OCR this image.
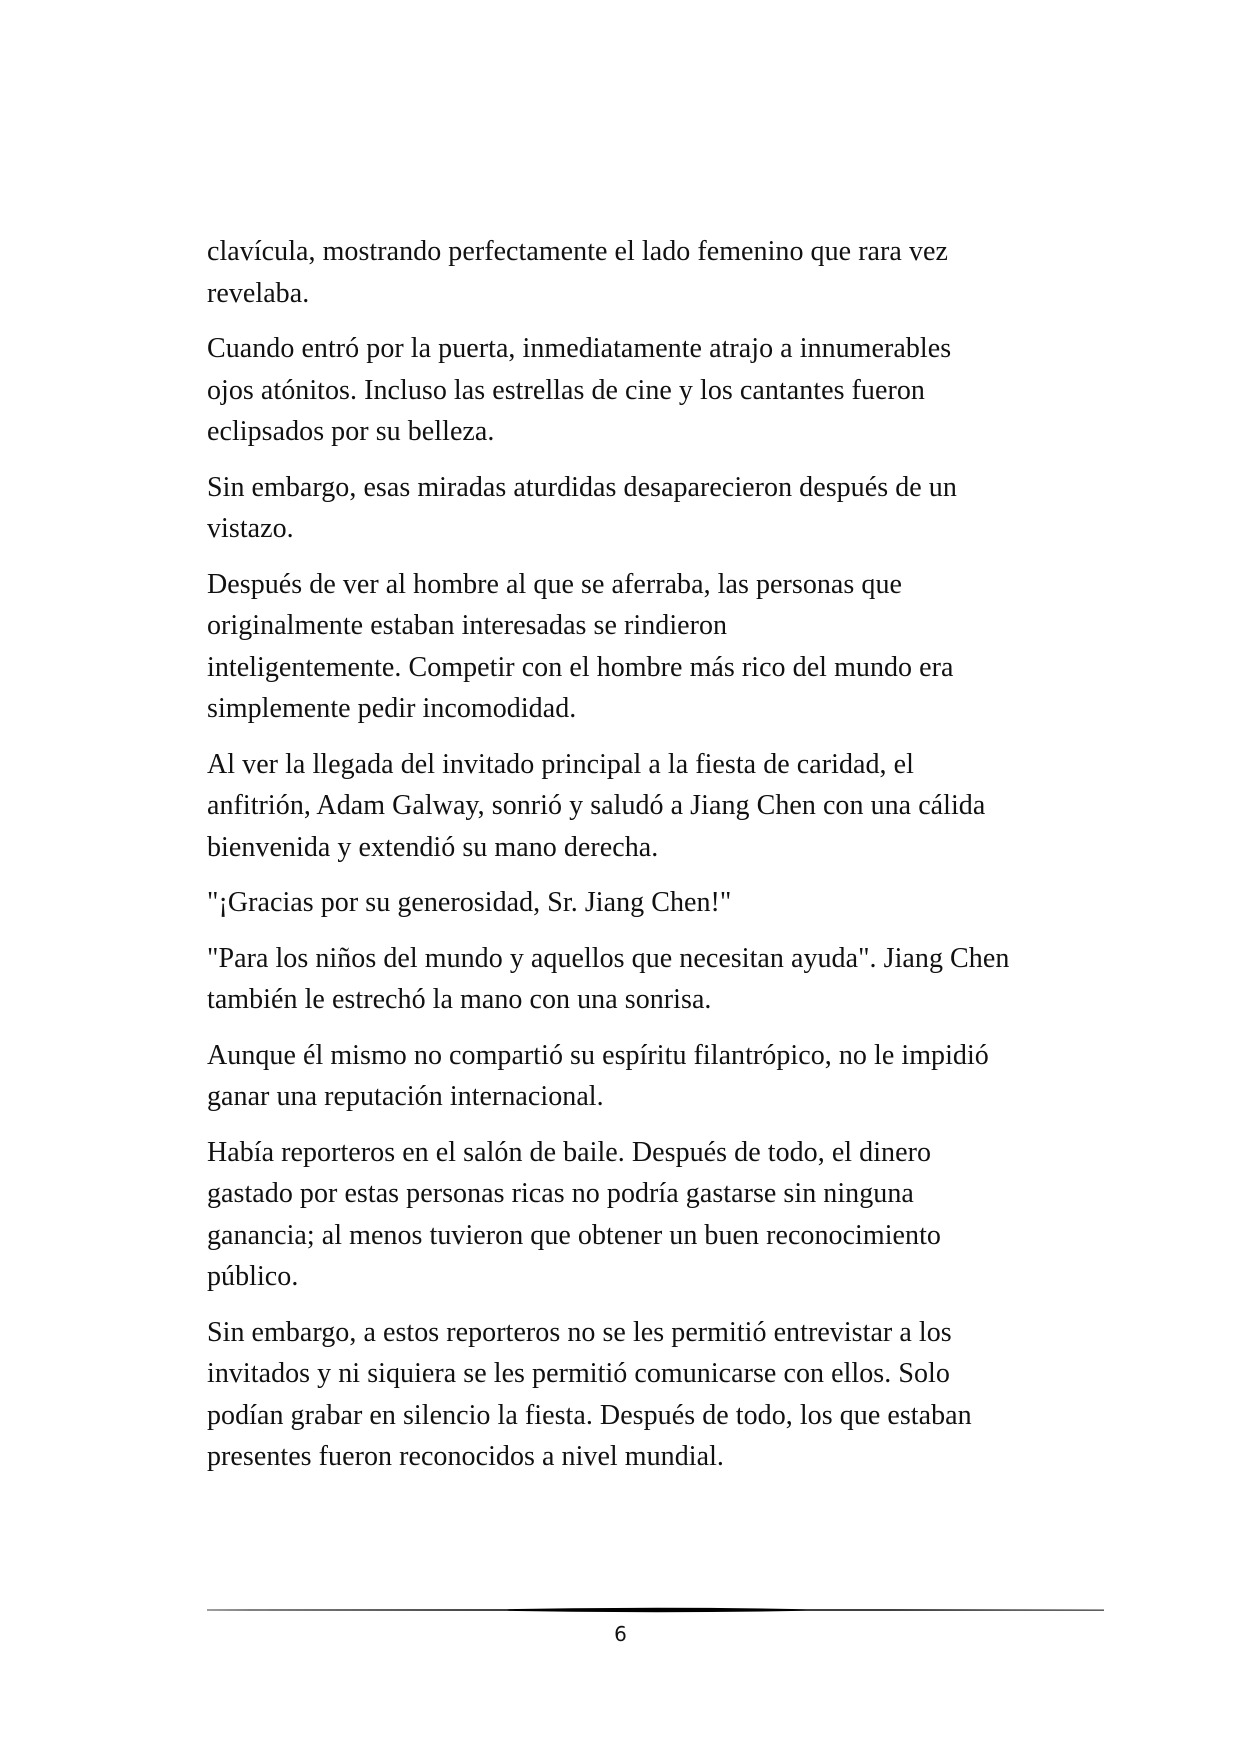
clavícula, mostrando perfectamente el lado femenino que rara vez
revelaba.

Cuando entró por la puerta, inmediatamente atrajo a innumerables
ojos atónitos. Incluso las estrellas de cine y los cantantes fueron
eclipsados por su belleza.

Sin embargo, esas miradas aturdidas desaparecieron después de un
vistazo.

Después de ver al hombre al que se aferraba, las personas que
originalmente estaban interesadas se rindieron
inteligentemente. Competir con el hombre más rico del mundo era
simplemente pedir incomodidad.

Al ver la llegada del invitado principal a la fiesta de caridad, el
anfitrión, Adam Galway, sonrió y saludó a Jiang Chen con una cálida
bienvenida y extendió su mano derecha.

"¡Gracias por su generosidad, Sr. Jiang Chen!"

"Para los niños del mundo y aquellos que necesitan ayuda". Jiang Chen
también le estrechó la mano con una sonrisa.

Aunque él mismo no compartió su espíritu filantrópico, no le impidió
ganar una reputación internacional.

Había reporteros en el salón de baile. Después de todo, el dinero
gastado por estas personas ricas no podría gastarse sin ninguna
ganancia; al menos tuvieron que obtener un buen reconocimiento
público.

Sin embargo, a estos reporteros no se les permitió entrevistar a los
invitados y ni siquiera se les permitió comunicarse con ellos. Solo
podían grabar en silencio la fiesta. Después de todo, los que estaban
presentes fueron reconocidos a nivel mundial.

6
